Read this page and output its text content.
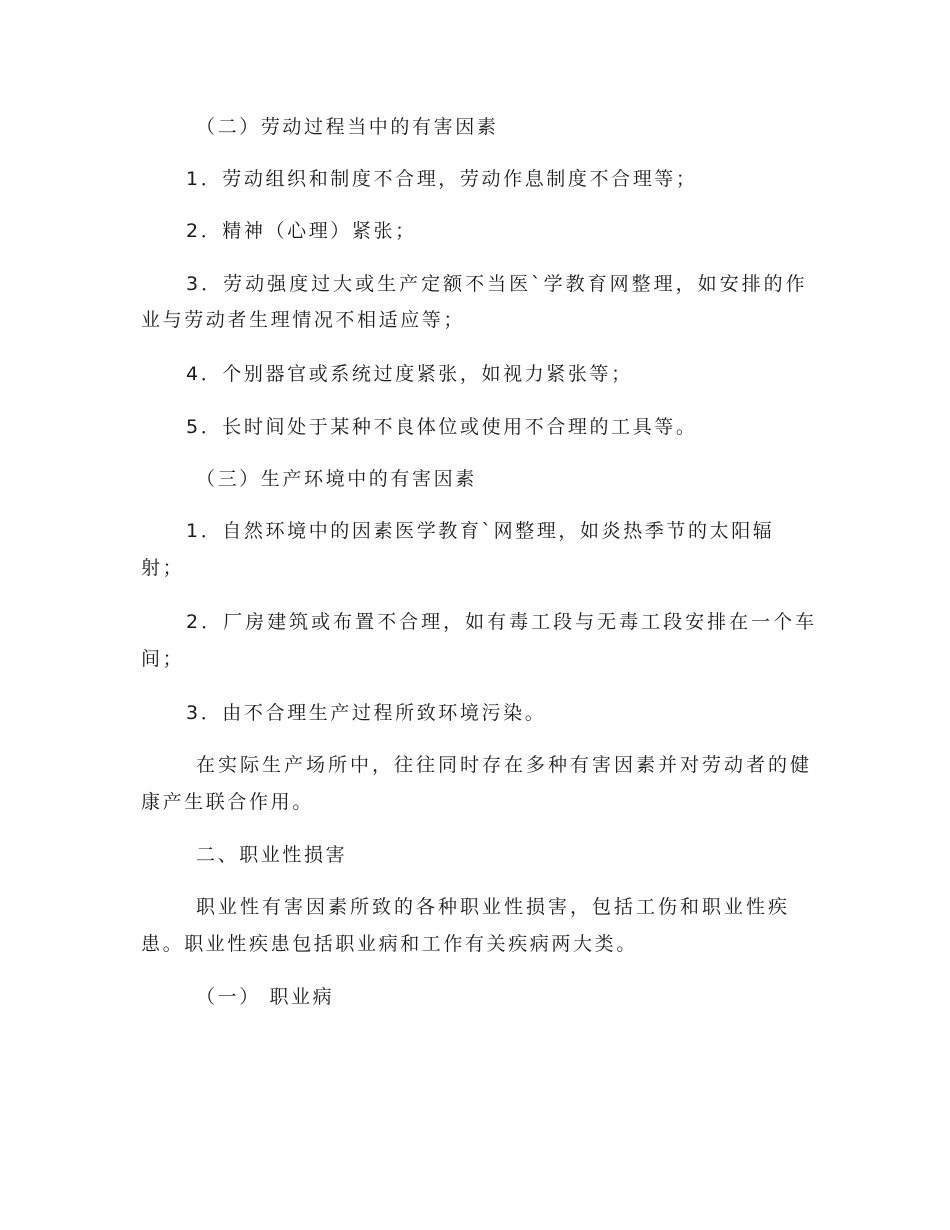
（二）劳动过程当中的有害因素

1．劳动组织和制度不合理，劳动作息制度不合理等；

2．精神（心理）紧张；

3．劳动强度过大或生产定额不当医`学教育网整理，如安排的作

业与劳动者生理情况不相适应等；

4．个别器官或系统过度紧张，如视力紧张等；

5．长时间处于某种不良体位或使用不合理的工具等。

（三）生产环境中的有害因素

1．自然环境中的因素医学教育`网整理，如炎热季节的太阳辐

射；

2．厂房建筑或布置不合理，如有毒工段与无毒工段安排在一个车

间；

3．由不合理生产过程所致环境污染。

在实际生产场所中，往往同时存在多种有害因素并对劳动者的健

康产生联合作用。

二、职业性损害

职业性有害因素所致的各种职业性损害，包括工伤和职业性疾

患。职业性疾患包括职业病和工作有关疾病两大类。

（一） 职业病
